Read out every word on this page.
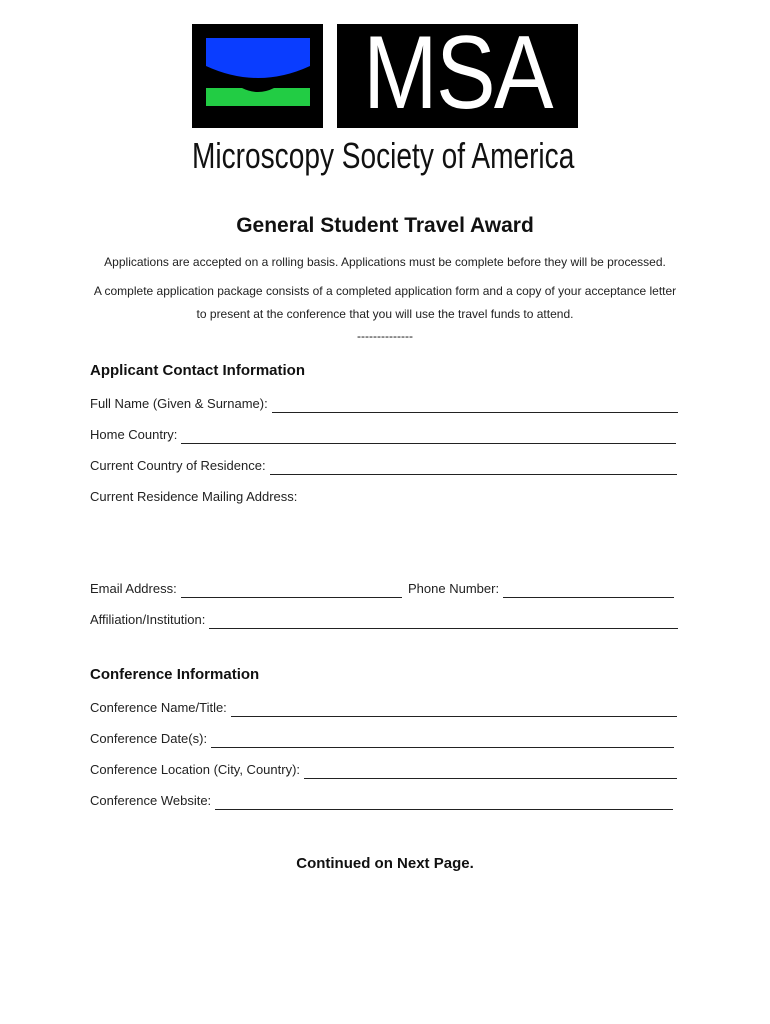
MSA
Microscopy Society of America
General Student Travel Award
Applications are accepted on a rolling basis. Applications must be complete before they will be processed.
A complete application package consists of a completed application form and a copy of your acceptance letter to present at the conference that you will use the travel funds to attend.
--------------
Applicant Contact Information
Full Name (Given & Surname):
Home Country:
Current Country of Residence:
Current Residence Mailing Address:
Email Address:	Phone Number:
Affiliation/Institution:
Conference Information
Conference Name/Title:
Conference Date(s):
Conference Location (City, Country):
Conference Website:
Continued on Next Page.
